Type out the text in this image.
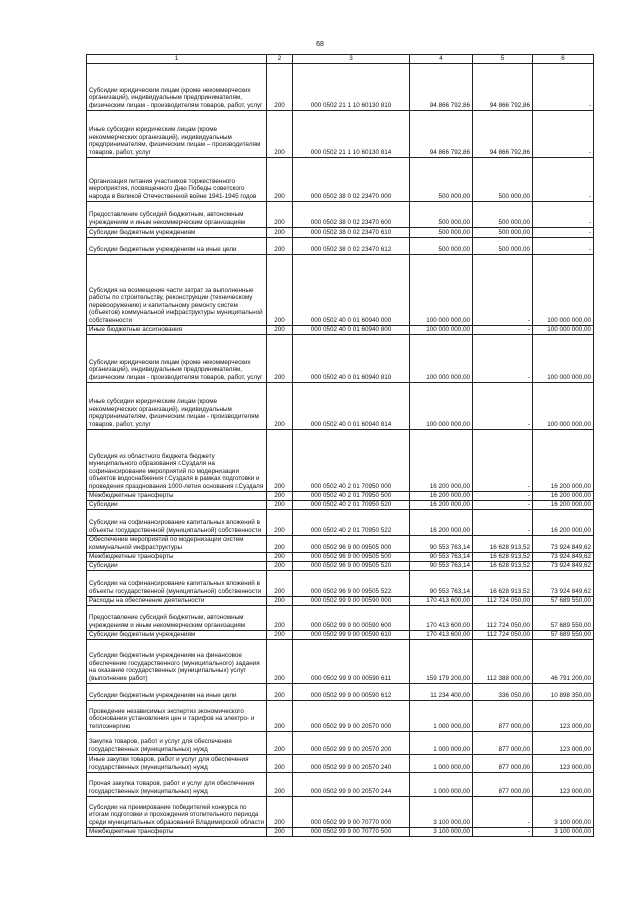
68
1	2	3	4	5	6
Субсидии юридическим лицам (кроме некоммерческих организаций), индивидуальным предпринимателям, физическим лицам - производителям товаров, работ, услуг	200	000 0502 21 1 10 60130 810	94 866 792,86	94 866 792,86	-
Иные субсидии юридическим лицам (кроме некоммерческих организаций), индивидуальным предпринимателям, физическим лицам – производителям товаров, работ, услуг	200	000 0502 21 1 10 60130 814	94 866 792,86	94 866 792,86	-
Организация питания участников торжественного мероприятия, посвященного Дню Победы советского народа в Великой Отечественной войне 1941-1945 годов	200	000 0502 38 0 02 23470 000	500 000,00	500 000,00	-
Предоставление субсидий бюджетным, автономным учреждениям и иным некоммерческим организациям	200	000 0502 38 0 02 23470 600	500 000,00	500 000,00	-
Субсидии бюджетным учреждениям	200	000 0502 38 0 02 23470 610	500 000,00	500 000,00	-
Субсидии бюджетным учреждениям на иные цели	200	000 0502 38 0 02 23470 612	500 000,00	500 000,00	-
Субсидия на возмещение части затрат за выполненные работы по строительству, реконструкции (техническому перевооружению) и капитальному ремонту систем (объектов) коммунальной инфраструктуры муниципальной собственности	200	000 0502 40 0 01 60940 000	100 000 000,00	-	100 000 000,00
Иные бюджетные ассигнования	200	000 0502 40 0 01 60940 800	100 000 000,00	-	100 000 000,00
Субсидии юридическим лицам (кроме некоммерческих организаций), индивидуальным предпринимателям, физическим лицам - производителям товаров, работ, услуг	200	000 0502 40 0 01 60940 810	100 000 000,00	-	100 000 000,00
Иные субсидии юридическим лицам (кроме некоммерческих организаций), индивидуальным предпринимателям, физическим лицам - производителям товаров, работ, услуг	200	000 0502 40 0 01 60940 814	100 000 000,00	-	100 000 000,00
Субсидия из областного бюджета бюджету муниципального образования г.Суздаля на софинансирование мероприятий по модернизации объектов водоснабжения г.Суздаля в рамках подготовки и проведения празднования 1000-летия основания г.Суздаля	200	000 0502 40 2 01 70950 000	16 200 000,00	-	16 200 000,00
Межбюджетные трансферты	200	000 0502 40 2 01 70950 500	16 200 000,00	-	16 200 000,00
Субсидии	200	000 0502 40 2 01 70950 520	16 200 000,00	-	16 200 000,00
Субсидии на софинансирование капитальных вложений в объекты государственной (муниципальной) собственности	200	000 0502 40 2 01 70950 522	16 200 000,00	-	16 200 000,00
Обеспечение мероприятий по модернизации систем коммунальной инфраструктуры	200	000 0502 96 9 00 09505 000	90 553 763,14	16 628 913,52	73 924 849,62
Межбюджетные трансферты	200	000 0502 96 9 00 09505 500	90 553 763,14	16 628 913,52	73 924 849,62
Субсидии	200	000 0502 96 9 00 09505 520	90 553 763,14	16 628 913,52	73 924 849,62
Субсидии на софинансирование капитальных вложений в объекты государственной (муниципальной) собственности	200	000 0502 96 9 00 09505 522	90 553 763,14	16 628 913,52	73 924 849,62
Расходы на обеспечение деятельности	200	000 0502 99 9 00 00590 000	170 413 600,00	112 724 050,00	57 689 550,00
Предоставление субсидий бюджетным, автономным учреждениям и иным некоммерческим организациям	200	000 0502 99 9 00 00590 600	170 413 600,00	112 724 050,00	57 689 550,00
Субсидии бюджетным учреждениям	200	000 0502 99 9 00 00590 610	170 413 600,00	112 724 050,00	57 689 550,00
Субсидии бюджетным учреждениям на финансовое обеспечение государственного (муниципального) задания на оказание государственных (муниципальных) услуг (выполнение работ)	200	000 0502 99 9 00 00590 611	159 179 200,00	112 388 000,00	46 791 200,00
Субсидии бюджетным учреждениям на иные цели	200	000 0502 99 9 00 00590 612	11 234 400,00	336 050,00	10 898 350,00
Проведение независимых экспертиз экономического обоснования установления цен и тарифов на электро- и теплоэнергию	200	000 0502 99 9 00 20570 000	1 000 000,00	877 000,00	123 000,00
Закупка товаров, работ и услуг для обеспечения государственных (муниципальных) нужд	200	000 0502 99 9 00 20570 200	1 000 000,00	877 000,00	123 000,00
Иные закупки товаров, работ и услуг для обеспечения государственных (муниципальных) нужд	200	000 0502 99 9 00 20570 240	1 000 000,00	877 000,00	123 000,00
Прочая закупка товаров, работ и услуг для обеспечения государственных (муниципальных) нужд	200	000 0502 99 9 00 20570 244	1 000 000,00	877 000,00	123 000,00
Субсидии на премирование победителей конкурса по итогам подготовки и прохождения отопительного периода среди муниципальных образований Владимирской области	200	000 0502 99 9 00 70770 000	3 100 000,00	-	3 100 000,00
Межбюджетные трансферты	200	000 0502 99 9 00 70770 500	3 100 000,00	-	3 100 000,00
